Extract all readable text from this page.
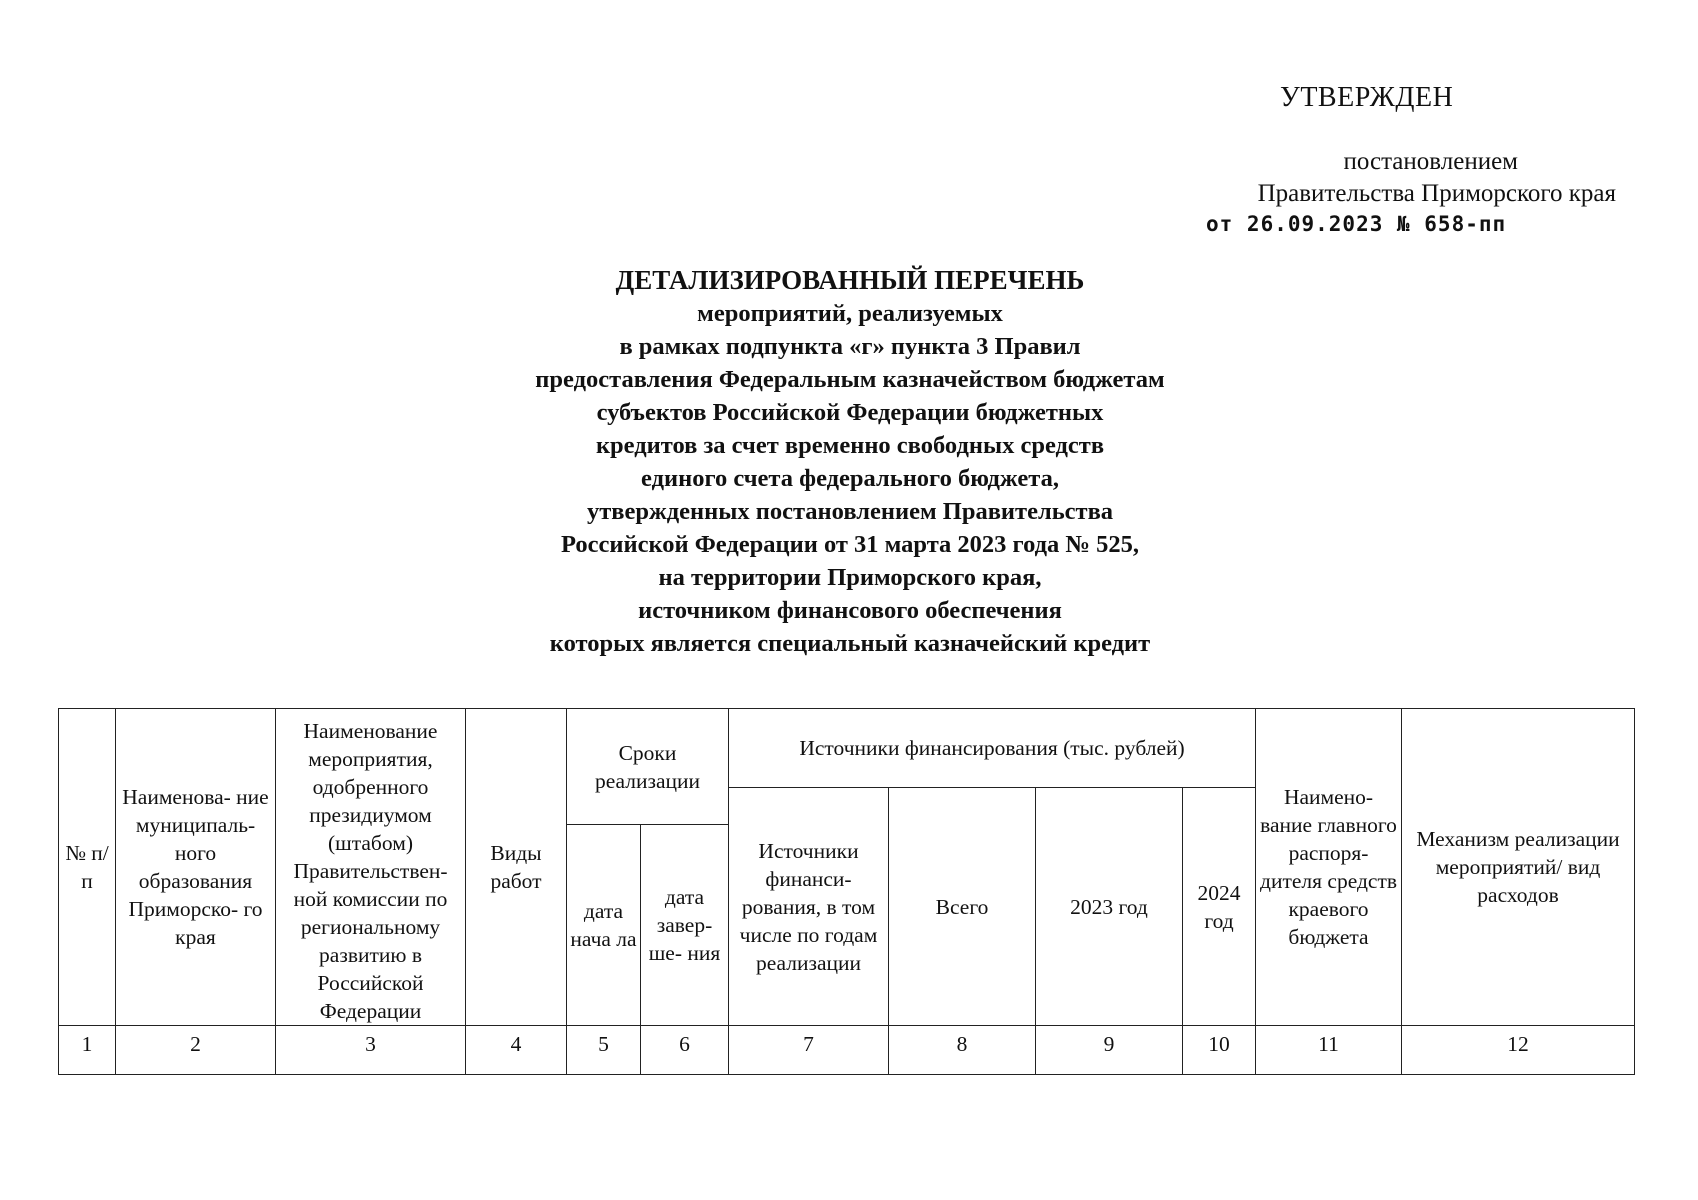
УТВЕРЖДЕН
постановлением
Правительства Приморского края
от 26.09.2023 № 658-пп
ДЕТАЛИЗИРОВАННЫЙ ПЕРЕЧЕНЬ
мероприятий, реализуемых
в рамках подпункта «г» пункта 3 Правил
предоставления Федеральным казначейством бюджетам
субъектов Российской Федерации бюджетных
кредитов за счет временно свободных средств
единого счета федерального бюджета,
утвержденных постановлением Правительства
Российской Федерации от 31 марта 2023 года № 525,
на территории Приморского края,
источником финансового обеспечения
которых является специальный казначейский кредит
№ п/п	Наименова- ние муниципаль- ного образования Приморско- го края	Наименование мероприятия, одобренного президиумом (штабом) Правительствен- ной комиссии по региональному развитию в Российской Федерации	Виды работ	Сроки реализации		Источники финансирования (тыс. рублей)				Наимено- вание главного распоря- дителя средств краевого бюджета	Механизм реализации мероприятий/ вид расходов
						Источники финанси- рования, в том числе по годам реализации	Всего	2023 год	2024 год		
				дата нача ла	дата завер- ше- ния						
1	2	3	4	5	6	7	8	9	10	11	12
